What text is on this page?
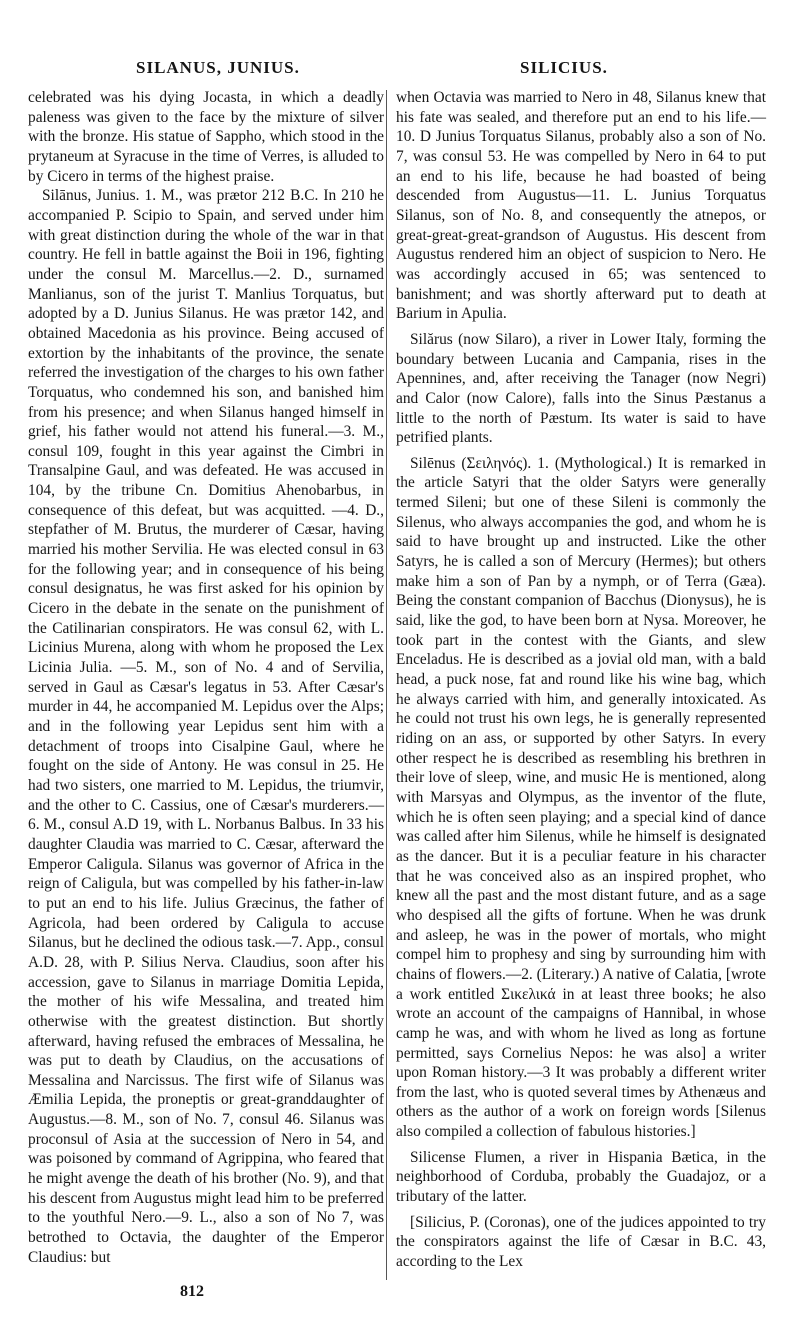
SILANUS, JUNIUS.	SILICIUS.

celebrated was his dying Jocasta, in which a deadly paleness was given to the face by the mixture of silver with the bronze. His statue of Sappho, which stood in the prytaneum at Syracuse in the time of Verres, is alluded to by Cicero in terms of the highest praise.

Silānus, Junius. 1. M., was prætor 212 B.C. In 210 he accompanied P. Scipio to Spain, and served under him with great distinction during the whole of the war in that country. He fell in battle against the Boii in 196, fighting under the consul M. Marcellus.—2. D., surnamed Manlianus, son of the jurist T. Manlius Torquatus, but adopted by a D. Junius Silanus. He was prætor 142, and obtained Macedonia as his province. Being accused of extortion by the inhabitants of the province, the senate referred the investigation of the charges to his own father Torquatus, who condemned his son, and banished him from his presence; and when Silanus hanged himself in grief, his father would not attend his funeral.—3. M., consul 109, fought in this year against the Cimbri in Transalpine Gaul, and was defeated. He was accused in 104, by the tribune Cn. Domitius Ahenobarbus, in consequence of this defeat, but was acquitted. —4. D., stepfather of M. Brutus, the murderer of Cæsar, having married his mother Servilia. He was elected consul in 63 for the following year; and in consequence of his being consul designatus, he was first asked for his opinion by Cicero in the debate in the senate on the punishment of the Catilinarian conspirators. He was consul 62, with L. Licinius Murena, along with whom he proposed the Lex Licinia Julia. —5. M., son of No. 4 and of Servilia, served in Gaul as Cæsar's legatus in 53. After Cæsar's murder in 44, he accompanied M. Lepidus over the Alps; and in the following year Lepidus sent him with a detachment of troops into Cisalpine Gaul, where he fought on the side of Antony. He was consul in 25. He had two sisters, one married to M. Lepidus, the triumvir, and the other to C. Cassius, one of Cæsar's murderers.—6. M., consul A.D 19, with L. Norbanus Balbus. In 33 his daughter Claudia was married to C. Cæsar, afterward the Emperor Caligula. Silanus was governor of Africa in the reign of Caligula, but was compelled by his father-in-law to put an end to his life. Julius Græcinus, the father of Agricola, had been ordered by Caligula to accuse Silanus, but he declined the odious task.—7. App., consul A.D. 28, with P. Silius Nerva. Claudius, soon after his accession, gave to Silanus in marriage Domitia Lepida, the mother of his wife Messalina, and treated him otherwise with the greatest distinction. But shortly afterward, having refused the embraces of Messalina, he was put to death by Claudius, on the accusations of Messalina and Narcissus. The first wife of Silanus was Æmilia Lepida, the proneptis or great-granddaughter of Augustus.—8. M., son of No. 7, consul 46. Silanus was proconsul of Asia at the succession of Nero in 54, and was poisoned by command of Agrippina, who feared that he might avenge the death of his brother (No. 9), and that his descent from Augustus might lead him to be preferred to the youthful Nero.—9. L., also a son of No 7, was betrothed to Octavia, the daughter of the Emperor Claudius: but

when Octavia was married to Nero in 48, Silanus knew that his fate was sealed, and therefore put an end to his life.—10. D Junius Torquatus Silanus, probably also a son of No. 7, was consul 53. He was compelled by Nero in 64 to put an end to his life, because he had boasted of being descended from Augustus—11. L. Junius Torquatus Silanus, son of No. 8, and consequently the atnepos, or great-great-great-grandson of Augustus. His descent from Augustus rendered him an object of suspicion to Nero. He was accordingly accused in 65; was sentenced to banishment; and was shortly afterward put to death at Barium in Apulia.

Silărus (now Silaro), a river in Lower Italy, forming the boundary between Lucania and Campania, rises in the Apennines, and, after receiving the Tanager (now Negri) and Calor (now Calore), falls into the Sinus Pæstanus a little to the north of Pæstum. Its water is said to have petrified plants.

Silēnus (Σειληνός). 1. (Mythological.) It is remarked in the article Satyri that the older Satyrs were generally termed Sileni; but one of these Sileni is commonly the Silenus, who always accompanies the god, and whom he is said to have brought up and instructed. Like the other Satyrs, he is called a son of Mercury (Hermes); but others make him a son of Pan by a nymph, or of Terra (Gæa). Being the constant companion of Bacchus (Dionysus), he is said, like the god, to have been born at Nysa. Moreover, he took part in the contest with the Giants, and slew Enceladus. He is described as a jovial old man, with a bald head, a puck nose, fat and round like his wine bag, which he always carried with him, and generally intoxicated. As he could not trust his own legs, he is generally represented riding on an ass, or supported by other Satyrs. In every other respect he is described as resembling his brethren in their love of sleep, wine, and music He is mentioned, along with Marsyas and Olympus, as the inventor of the flute, which he is often seen playing; and a special kind of dance was called after him Silenus, while he himself is designated as the dancer. But it is a peculiar feature in his character that he was conceived also as an inspired prophet, who knew all the past and the most distant future, and as a sage who despised all the gifts of fortune. When he was drunk and asleep, he was in the power of mortals, who might compel him to prophesy and sing by surrounding him with chains of flowers.—2. (Literary.) A native of Calatia, [wrote a work entitled Σικελικά in at least three books; he also wrote an account of the campaigns of Hannibal, in whose camp he was, and with whom he lived as long as fortune permitted, says Cornelius Nepos: he was also] a writer upon Roman history.—3 It was probably a different writer from the last, who is quoted several times by Athenæus and others as the author of a work on foreign words [Silenus also compiled a collection of fabulous histories.]

Silicense Flumen, a river in Hispania Bætica, in the neighborhood of Corduba, probably the Guadajoz, or a tributary of the latter.

[Silicius, P. (Coronas), one of the judices appointed to try the conspirators against the life of Cæsar in B.C. 43, according to the Lex

812
